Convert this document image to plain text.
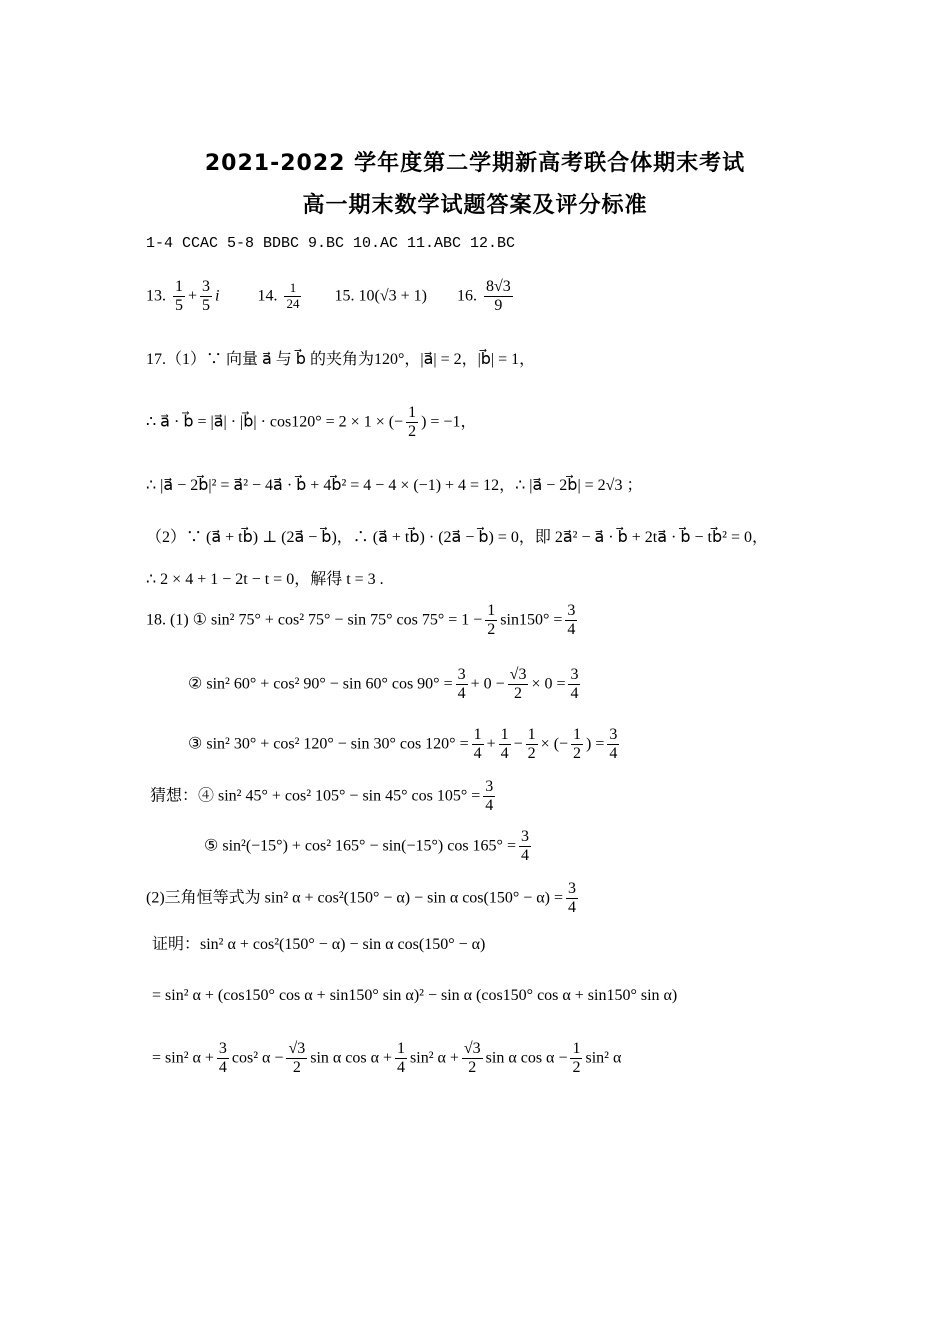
2021-2022 学年度第二学期新高考联合体期末考试
高一期末数学试题答案及评分标准
1-4 CCAC 5-8 BDBC 9.BC 10.AC 11.ABC 12.BC
13. $\frac{1}{5} + \frac{3}{5}$ i 14. $\frac{1}{24} 15$. 10(√3 + 1) 16. $\frac{8√3}{9}$
17.（1）∵ 向量 a⃗ 与 b⃗ 的夹角为120°，|a⃗| = 2，|b⃗| = 1，
∴ a⃗ · b⃗ = |a⃗| · |b⃗| · cos120° = 2 × 1 × (− $\frac{1}{2}$ ) = −1，
∴ |a⃗ − 2b⃗|² = a⃗² − 4a⃗ · b⃗ + 4b⃗² = 4 − 4 × (−1) + 4 = 12，∴ |a⃗ − 2b⃗| = 2√3 ；
（2）∵ (a⃗ + tb⃗) ⊥ (2a⃗ − b⃗)，∴ (a⃗ + tb⃗) · (2a⃗ − b⃗) = 0，即 2a⃗² − a⃗ · b⃗ + 2ta⃗ · b⃗ − tb⃗² = 0，
∴ 2 × 4 + 1 − 2t − t = 0，解得 t = 3 .
18. (1) ① sin² 75° + cos² 75° − sin 75° $\cos 75^\circ = 1 - \frac{1}{2} \sin 150^\circ = \frac{3}{4}$
② sin² 60° + cos² 90° − sin 60° $\cos 90^\circ = \frac{3}{4} + 0 - \frac{√3}{2} \times 0 = \frac{3}{4}$
③ sin² 30° + cos² 120° − sin 30° $\cos 120^\circ = \frac{1}{4} + \frac{1}{4} - \frac{1}{2}$ × (− $\frac{1}{2}$ ) = $\frac{3}{4}$
猜想：④ sin² 45° + cos² 105° − sin 45° $\cos 105^\circ = \frac{3}{4}$
⑤ sin²(−15°) + cos² 165° − sin(−15°) $\cos 165^\circ = \frac{3}{4}$
(2)三角恒等式为 sin² α + cos²(150° − α) − sin α $\cos(150^\circ - \alpha) = \frac{3}{4}$
证明：sin² α + cos²(150° − α) − sin α cos(150° − α)
= sin² α + (cos150° cos α + sin150° sin α)² − sin α (cos150° cos α + sin150° sin α)
= sin² $\alpha + \frac{3}{4} \cos^2$ $\alpha - \frac{√3}{2}$ sin α $\cos \alpha + \frac{1}{4} \sin^2$ $\alpha + \frac{√3}{2}$ sin α $\cos \alpha - \frac{1}{2} \sin^2$ α
